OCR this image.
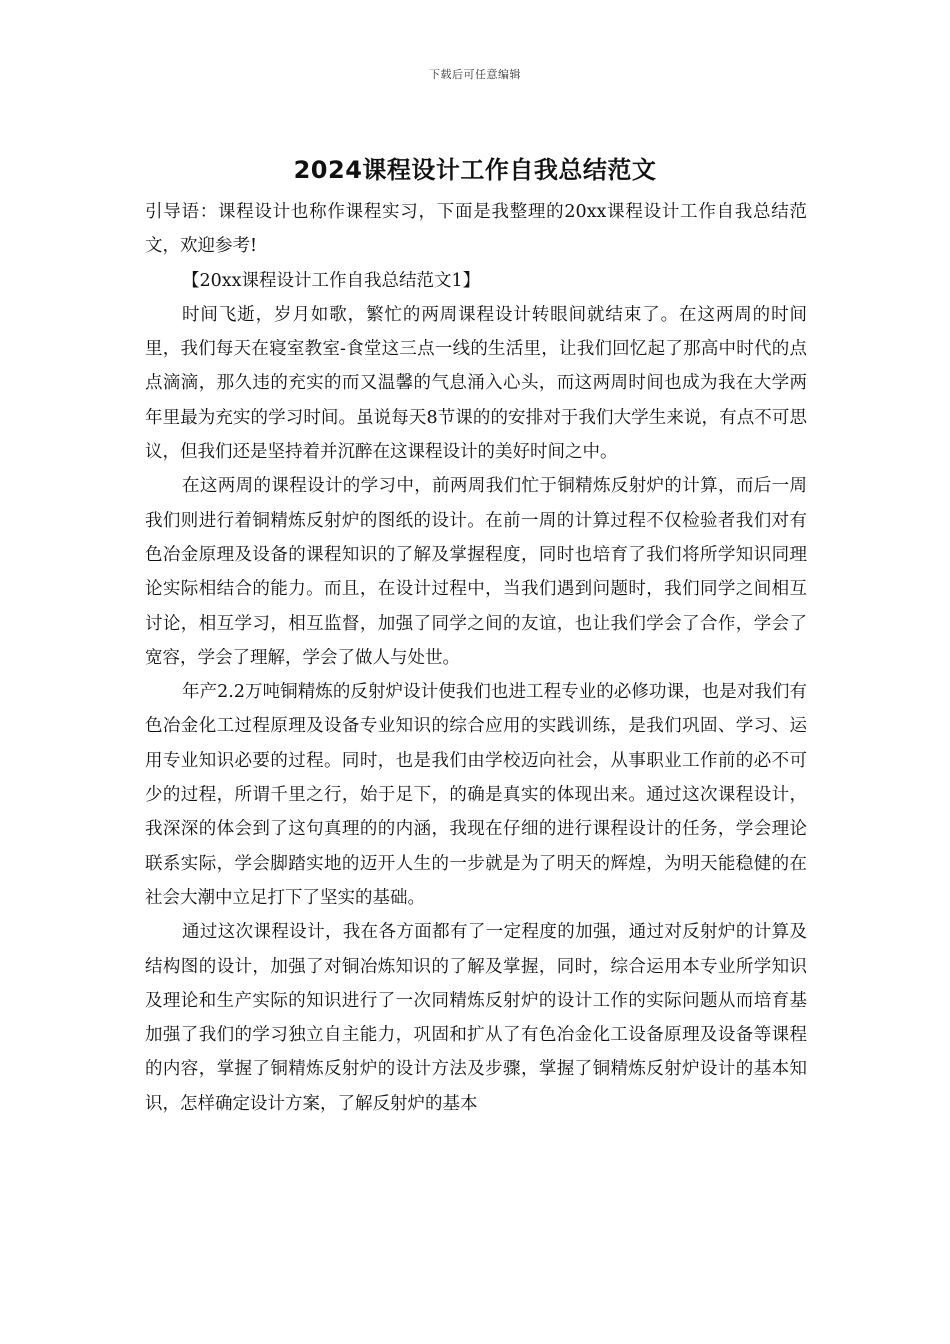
下载后可任意编辑
2024课程设计工作自我总结范文

引导语：课程设计也称作课程实习，下面是我整理的20xx课程设计工作自我总结范文，欢迎参考!

【20xx课程设计工作自我总结范文1】

时间飞逝，岁月如歌，繁忙的两周课程设计转眼间就结束了。在这两周的时间里，我们每天在寝室教室-食堂这三点一线的生活里，让我们回忆起了那高中时代的点点滴滴，那久违的充实的而又温馨的气息涌入心头，而这两周时间也成为我在大学两年里最为充实的学习时间。虽说每天8节课的的安排对于我们大学生来说，有点不可思议，但我们还是坚持着并沉醉在这课程设计的美好时间之中。

在这两周的课程设计的学习中，前两周我们忙于铜精炼反射炉的计算，而后一周我们则进行着铜精炼反射炉的图纸的设计。在前一周的计算过程不仅检验者我们对有色冶金原理及设备的课程知识的了解及掌握程度，同时也培育了我们将所学知识同理论实际相结合的能力。而且，在设计过程中，当我们遇到问题时，我们同学之间相互讨论，相互学习，相互监督，加强了同学之间的友谊，也让我们学会了合作，学会了宽容，学会了理解，学会了做人与处世。

年产2.2万吨铜精炼的反射炉设计使我们也进工程专业的必修功课，也是对我们有色冶金化工过程原理及设备专业知识的综合应用的实践训练，是我们巩固、学习、运用专业知识必要的过程。同时，也是我们由学校迈向社会，从事职业工作前的必不可少的过程，所谓千里之行，始于足下，的确是真实的体现出来。通过这次课程设计，我深深的体会到了这句真理的的内涵，我现在仔细的进行课程设计的任务，学会理论联系实际，学会脚踏实地的迈开人生的一步就是为了明天的辉煌，为明天能稳健的在社会大潮中立足打下了坚实的基础。

通过这次课程设计，我在各方面都有了一定程度的加强，通过对反射炉的计算及结构图的设计，加强了对铜冶炼知识的了解及掌握，同时，综合运用本专业所学知识及理论和生产实际的知识进行了一次同精炼反射炉的设计工作的实际问题从而培育基加强了我们的学习独立自主能力，巩固和扩从了有色冶金化工设备原理及设备等课程的内容，掌握了铜精炼反射炉的设计方法及步骤，掌握了铜精炼反射炉设计的基本知识，怎样确定设计方案，了解反射炉的基本
